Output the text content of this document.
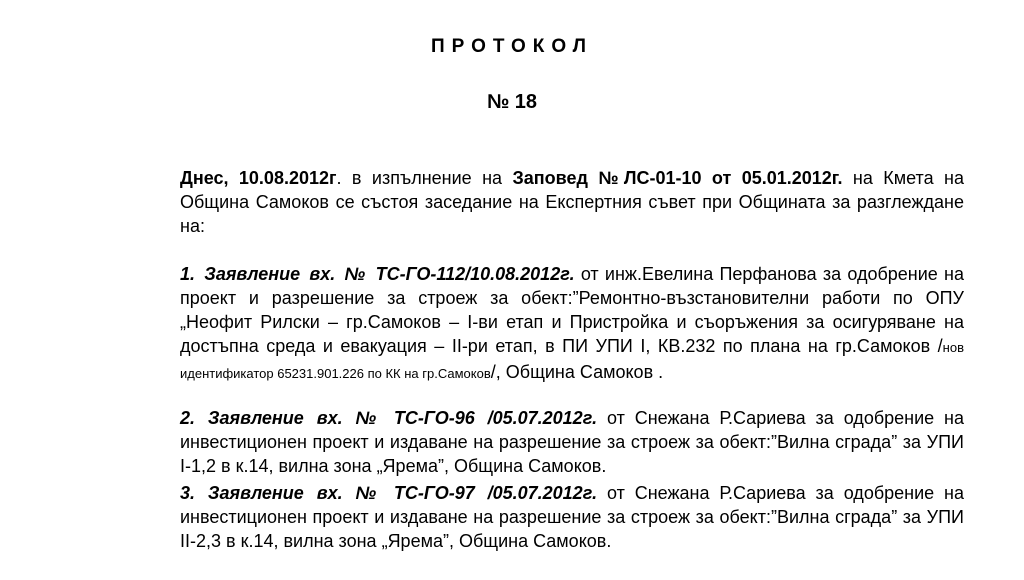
ПРОТОКОЛ
№ 18
Днес, 10.08.2012г. в изпълнение на Заповед №ЛС-01-10 от 05.01.2012г. на Кмета на Община Самоков се състоя заседание на Експертния съвет при Общината за разглеждане на:
1. Заявление вх. № ТС-ГО-112/10.08.2012г. от инж.Евелина Перфанова за одобрение на проект и разрешение за строеж за обект:”Ремонтно-възстановителни работи по ОПУ „Неофит Рилски – гр.Самоков – I-ви етап и Пристройка и съоръжения за осигуряване на достъпна среда и евакуация – II-ри етап, в ПИ УПИ I, КВ.232 по плана на гр.Самоков /нов идентификатор 65231.901.226 по КК на гр.Самоков/, Община Самоков .
2. Заявление вх. № ТС-ГО-96 /05.07.2012г. от Снежана Р.Сариева за одобрение на инвестиционен проект и издаване на разрешение за строеж за обект:”Вилна сграда” за УПИ I-1,2 в к.14, вилна зона „Ярема”, Община Самоков.
3. Заявление вх. № ТС-ГО-97 /05.07.2012г. от Снежана Р.Сариева за одобрение на инвестиционен проект и издаване на разрешение за строеж за обект:”Вилна сграда” за УПИ II-2,3 в к.14, вилна зона „Ярема”, Община Самоков.
